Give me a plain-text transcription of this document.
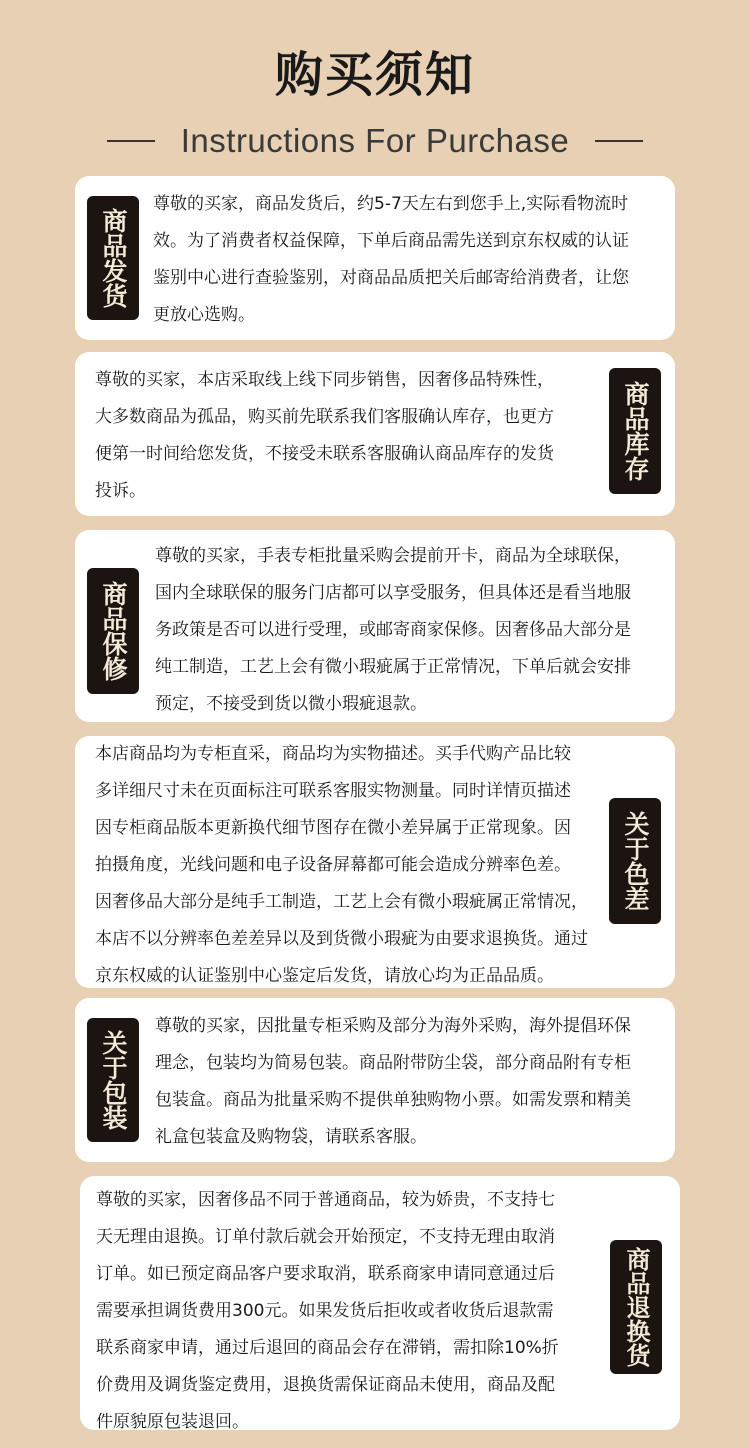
购买须知
Instructions For Purchase
商品发货

尊敬的买家，商品发货后，约5-7天左右到您手上,实际看物流时
效。为了消费者权益保障，下单后商品需先送到京东权威的认证
鉴别中心进行查验鉴别，对商品品质把关后邮寄给消费者，让您
更放心选购。

尊敬的买家，本店采取线上线下同步销售，因奢侈品特殊性，
大多数商品为孤品，购买前先联系我们客服确认库存，也更方
便第一时间给您发货，不接受未联系客服确认商品库存的发货
投诉。

商品库存
商品保修

尊敬的买家，手表专柜批量采购会提前开卡，商品为全球联保，
国内全球联保的服务门店都可以享受服务，但具体还是看当地服
务政策是否可以进行受理，或邮寄商家保修。因奢侈品大部分是
纯工制造，工艺上会有微小瑕疵属于正常情况，下单后就会安排
预定，不接受到货以微小瑕疵退款。

本店商品均为专柜直采，商品均为实物描述。买手代购产品比较
多详细尺寸未在页面标注可联系客服实物测量。同时详情页描述
因专柜商品版本更新换代细节图存在微小差异属于正常现象。因
拍摄角度，光线问题和电子设备屏幕都可能会造成分辨率色差。
因奢侈品大部分是纯手工制造，工艺上会有微小瑕疵属正常情况，
本店不以分辨率色差差异以及到货微小瑕疵为由要求退换货。通过
京东权威的认证鉴别中心鉴定后发货，请放心均为正品品质。

关于色差
关于包装

尊敬的买家，因批量专柜采购及部分为海外采购，海外提倡环保
理念，包装均为简易包装。商品附带防尘袋，部分商品附有专柜
包装盒。商品为批量采购不提供单独购物小票。如需发票和精美
礼盒包装盒及购物袋，请联系客服。

尊敬的买家，因奢侈品不同于普通商品，较为娇贵，不支持七
天无理由退换。订单付款后就会开始预定，不支持无理由取消
订单。如已预定商品客户要求取消，联系商家申请同意通过后
需要承担调货费用300元。如果发货后拒收或者收货后退款需
联系商家申请，通过后退回的商品会存在滞销，需扣除10%折
价费用及调货鉴定费用，退换货需保证商品未使用，商品及配
件原貌原包装退回。

商品退换货
